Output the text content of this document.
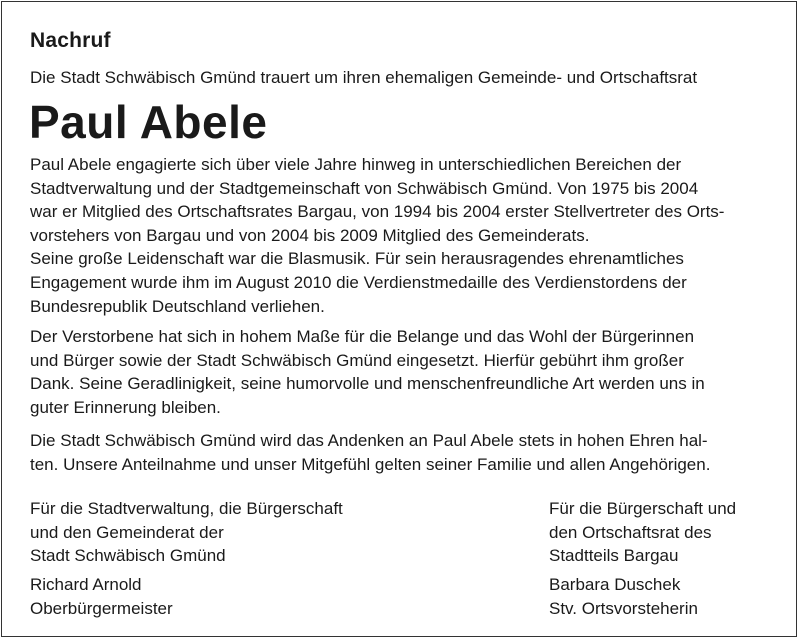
Nachruf
Die Stadt Schwäbisch Gmünd trauert um ihren ehemaligen Gemeinde- und Ortschaftsrat
Paul Abele
Paul Abele engagierte sich über viele Jahre hinweg in unterschiedlichen Bereichen der
Stadtverwaltung und der Stadtgemeinschaft von Schwäbisch Gmünd. Von 1975 bis 2004
war er Mitglied des Ortschaftsrates Bargau, von 1994 bis 2004 erster Stellvertreter des Orts-
vorstehers von Bargau und von 2004 bis 2009 Mitglied des Gemeinderats.
Seine große Leidenschaft war die Blasmusik. Für sein herausragendes ehrenamtliches
Engagement wurde ihm im August 2010 die Verdienstmedaille des Verdienstordens der
Bundesrepublik Deutschland verliehen.
Der Verstorbene hat sich in hohem Maße für die Belange und das Wohl der Bürgerinnen
und Bürger sowie der Stadt Schwäbisch Gmünd eingesetzt. Hierfür gebührt ihm großer
Dank. Seine Geradlinigkeit, seine humorvolle und menschenfreundliche Art werden uns in
guter Erinnerung bleiben.
Die Stadt Schwäbisch Gmünd wird das Andenken an Paul Abele stets in hohen Ehren hal-
ten. Unsere Anteilnahme und unser Mitgefühl gelten seiner Familie und allen Angehörigen.
Für die Stadtverwaltung, die Bürgerschaft
und den Gemeinderat der
Stadt Schwäbisch Gmünd
Richard Arnold
Oberbürgermeister
Für die Bürgerschaft und
den Ortschaftsrat des
Stadtteils Bargau
Barbara Duschek
Stv. Ortsvorsteherin
